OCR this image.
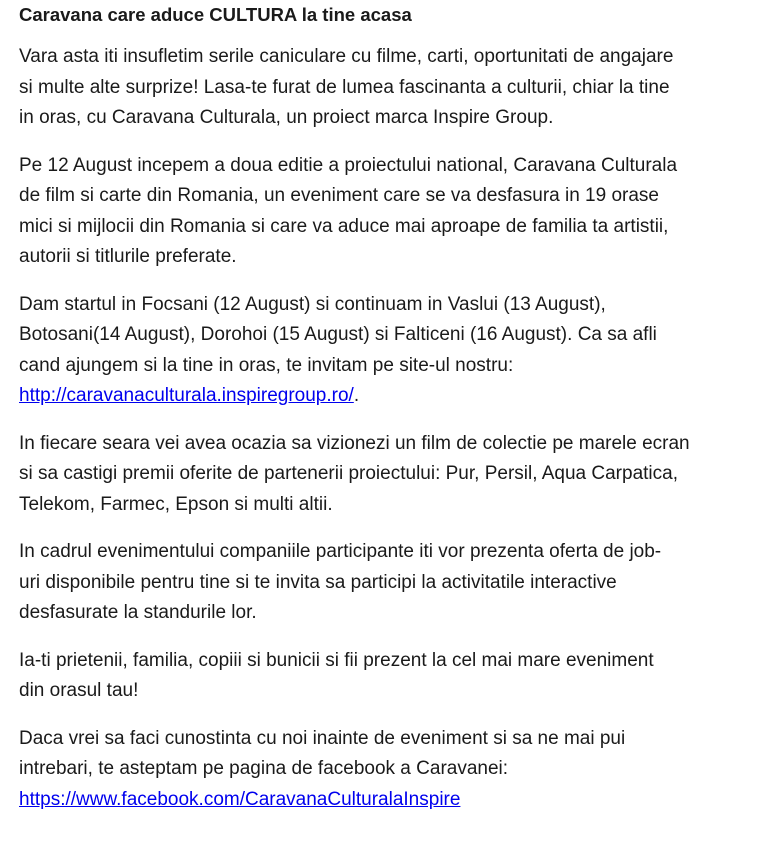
Caravana care aduce CULTURA la tine acasa
Vara asta iti insufletim serile caniculare cu filme, carti, oportunitati de angajare
si multe alte surprize! Lasa-te furat de lumea fascinanta a culturii, chiar la tine
in oras, cu Caravana Culturala, un proiect marca Inspire Group.
Pe 12 August incepem a doua editie a proiectului national, Caravana Culturala
de film si carte din Romania, un eveniment care se va desfasura in 19 orase
mici si mijlocii din Romania si care va aduce mai aproape de familia ta artistii,
autorii si titlurile preferate.
Dam startul in Focsani (12 August) si continuam in Vaslui (13 August),
Botosani(14 August), Dorohoi (15 August) si Falticeni (16 August). Ca sa afli
cand ajungem si la tine in oras, te invitam pe site-ul nostru:
http://caravanaculturala.inspiregroup.ro/.
In fiecare seara vei avea ocazia sa vizionezi un film de colectie pe marele ecran
si sa castigi premii oferite de partenerii proiectului: Pur, Persil, Aqua Carpatica,
Telekom, Farmec, Epson si multi altii.
In cadrul evenimentului companiile participante iti vor prezenta oferta de job-
uri disponibile pentru tine si te invita sa participi la activitatile interactive
desfasurate la standurile lor.
Ia-ti prietenii, familia, copiii si bunicii si fii prezent la cel mai mare eveniment
din orasul tau!
Daca vrei sa faci cunostinta cu noi inainte de eveniment si sa ne mai pui
intrebari, te asteptam pe pagina de facebook a Caravanei:
https://www.facebook.com/CaravanaCulturalaInspire
